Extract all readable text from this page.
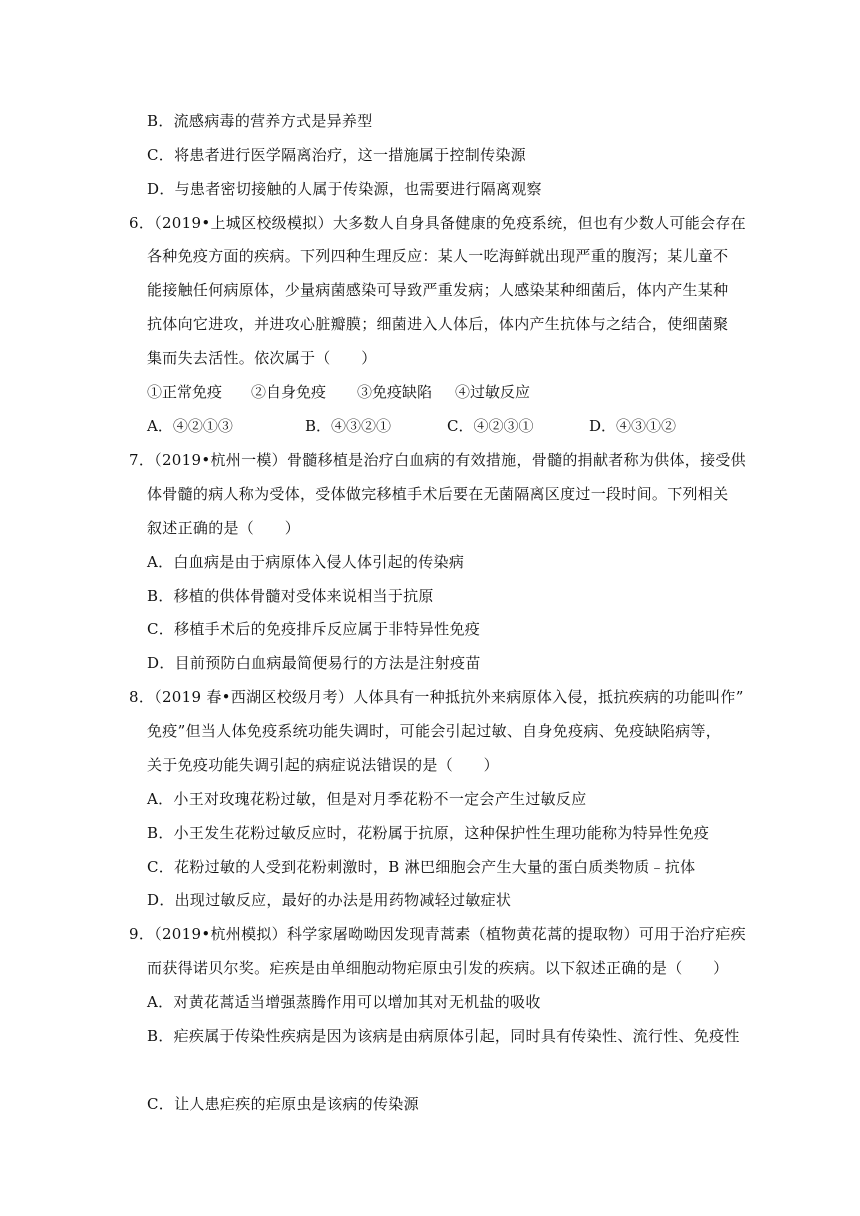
B．流感病毒的营养方式是异养型
C．将患者进行医学隔离治疗，这一措施属于控制传染源
D．与患者密切接触的人属于传染源，也需要进行隔离观察
6．（2019•上城区校级模拟）大多数人自身具备健康的免疫系统，但也有少数人可能会存在
各种免疫方面的疾病。下列四种生理反应：某人一吃海鲜就出现严重的腹泻；某儿童不
能接触任何病原体，少量病菌感染可导致严重发病；人感染某种细菌后，体内产生某种
抗体向它进攻，并进攻心脏瓣膜；细菌进入人体后，体内产生抗体与之结合，使细菌聚
集而失去活性。依次属于（　　）
①正常免疫 ②自身免疫 ③免疫缺陷 ④过敏反应
A．④②①③	B．④③②①	C．④②③①	D．④③①②
7．（2019•杭州一模）骨髓移植是治疗白血病的有效措施，骨髓的捐献者称为供体，接受供
体骨髓的病人称为受体，受体做完移植手术后要在无菌隔离区度过一段时间。下列相关
叙述正确的是（　　）
A．白血病是由于病原体入侵人体引起的传染病
B．移植的供体骨髓对受体来说相当于抗原
C．移植手术后的免疫排斥反应属于非特异性免疫
D．目前预防白血病最简便易行的方法是注射疫苗
8．（2019 春•西湖区校级月考）人体具有一种抵抗外来病原体入侵，抵抗疾病的功能叫作”
免疫”但当人体免疫系统功能失调时，可能会引起过敏、自身免疫病、免疫缺陷病等，
关于免疫功能失调引起的病症说法错误的是（　　）
A．小王对玫瑰花粉过敏，但是对月季花粉不一定会产生过敏反应
B．小王发生花粉过敏反应时，花粉属于抗原，这种保护性生理功能称为特异性免疫
C．花粉过敏的人受到花粉刺激时，B 淋巴细胞会产生大量的蛋白质类物质﹣抗体
D．出现过敏反应，最好的办法是用药物减轻过敏症状
9．（2019•杭州模拟）科学家屠呦呦因发现青蒿素（植物黄花蒿的提取物）可用于治疗疟疾
而获得诺贝尔奖。疟疾是由单细胞动物疟原虫引发的疾病。以下叙述正确的是（　　）
A．对黄花蒿适当增强蒸腾作用可以增加其对无机盐的吸收
B．疟疾属于传染性疾病是因为该病是由病原体引起，同时具有传染性、流行性、免疫性
C．让人患疟疾的疟原虫是该病的传染源
